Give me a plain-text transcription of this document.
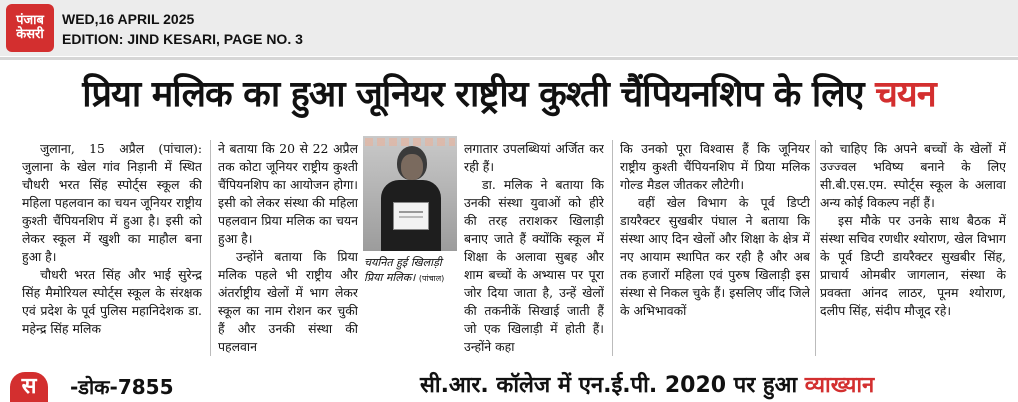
पंजाब
केसरी
WED,16 APRIL 2025
EDITION: JIND KESARI, PAGE NO. 3
प्रिया मलिक का हुआ जूनियर राष्ट्रीय कुश्ती चैंपियनशिप के लिए चयन

जुलाना, 15 अप्रैल (पांचाल): जुलाना के खेल गांव निड़ानी में स्थित चौधरी भरत सिंह स्पोर्ट्स स्कूल की महिला पहलवान का चयन जूनियर राष्ट्रीय कुश्ती चैंपियनशिप में हुआ है। इसी को लेकर स्कूल में खुशी का माहौल बना हुआ है।

चौधरी भरत सिंह और भाई सुरेन्द्र सिंह मैमोरियल स्पोर्ट्स स्कूल के संरक्षक एवं प्रदेश के पूर्व पुलिस महानिदेशक डा. महेन्द्र सिंह मलिक

ने बताया कि 20 से 22 अप्रैल तक कोटा जूनियर राष्ट्रीय कुश्ती चैंपियनशिप का आयोजन होगा। इसी को लेकर संस्था की महिला पहलवान प्रिया मलिक का चयन हुआ है।

उन्होंने बताया कि प्रिया मलिक पहले भी राष्ट्रीय और अंतर्राष्ट्रीय खेलों में भाग लेकर स्कूल का नाम रोशन कर चुकी हैं और उनकी संस्था की पहलवान

चयनित हुई खिलाड़ी प्रिया मलिक। (पांचाल)

लगातार उपलब्धियां अर्जित कर रही हैं।

डा. मलिक ने बताया कि उनकी संस्था युवाओं को हीरे की तरह तराशकर खिलाड़ी बनाए जाते हैं क्योंकि स्कूल में शिक्षा के अलावा सुबह और शाम बच्चों के अभ्यास पर पूरा जोर दिया जाता है, उन्हें खेलों की तकनीकें सिखाई जाती हैं जो एक खिलाड़ी में होती हैं। उन्होंने कहा

कि उनको पूरा विश्वास हैं कि जूनियर राष्ट्रीय कुश्ती चैंपियनशिप में प्रिया मलिक गोल्ड मैडल जीतकर लौटेगी।

वहीं खेल विभाग के पूर्व डिप्टी डायरैक्टर सुखबीर पंघाल ने बताया कि संस्था आए दिन खेलों और शिक्षा के क्षेत्र में नए आयाम स्थापित कर रही है और अब तक हजारों महिला एवं पुरुष खिलाड़ी इस संस्था से निकल चुके हैं। इसलिए जींद जिले के अभिभावकों

को चाहिए कि अपने बच्चों के खेलों में उज्ज्वल भविष्य बनाने के लिए सी.बी.एस.एम. स्पोर्ट्स स्कूल के अलावा अन्य कोई विकल्प नहीं हैं।

इस मौके पर उनके साथ बैठक में संस्था सचिव रणधीर श्योराण, खेल विभाग के पूर्व डिप्टी डायरैक्टर सुखबीर सिंह, प्राचार्य ओमबीर जागलान, संस्था के प्रवक्ता आंनद लाठर, पूनम श्योराण, दलीप सिंह, संदीप मौजूद रहे।

स	-डोक-7855	सी.आर. कॉलेज में एन.ई.पी. 2020 पर हुआ व्याख्यान
